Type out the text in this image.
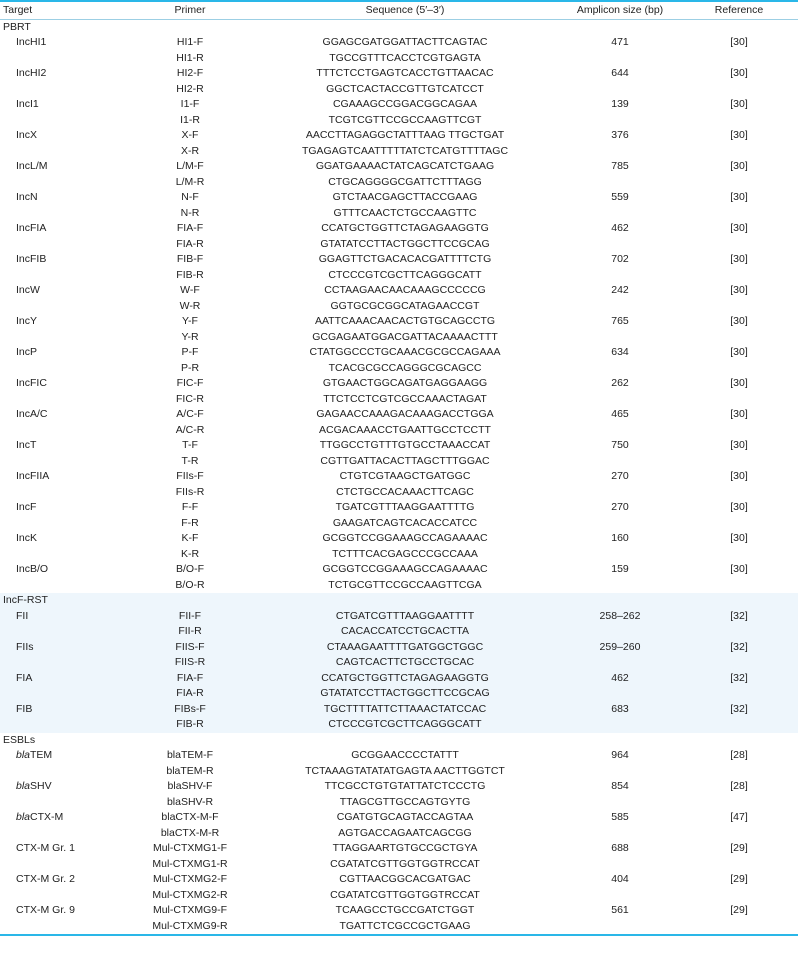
Target	Primer	Sequence (5′–3′)	Amplicon size (bp)	Reference
PBRT				
IncHI1	HI1-F	GGAGCGATGGATTACTTCAGTAC	471	[30]
	HI1-R	TGCCGTTTCACCTCGTGAGTA		
IncHI2	HI2-F	TTTCTCCTGAGTCACCTGTTAACAC	644	[30]
	HI2-R	GGCTCACTACCGTTGTCATCCT		
IncI1	I1-F	CGAAAGCCGGACGGCAGAA	139	[30]
	I1-R	TCGTCGTTCCGCCAAGTTCGT		
IncX	X-F	AACCTTAGAGGCTATTTAAG TTGCTGAT	376	[30]
	X-R	TGAGAGTCAATTTTTATCTCATGTTTTAGC		
IncL/M	L/M-F	GGATGAAAACTATCAGCATCTGAAG	785	[30]
	L/M-R	CTGCAGGGGCGATTCTTTAGG		
IncN	N-F	GTCTAACGAGCTTACCGAAG	559	[30]
	N-R	GTTTCAACTCTGCCAAGTTC		
IncFIA	FIA-F	CCATGCTGGTTCTAGAGAAGGTG	462	[30]
	FIA-R	GTATATCCTTACTGGCTTCCGCAG		
IncFIB	FIB-F	GGAGTTCTGACACACGATTTTCTG	702	[30]
	FIB-R	CTCCCGTCGCTTCAGGGCATT		
IncW	W-F	CCTAAGAACAACAAAGCCCCCG	242	[30]
	W-R	GGTGCGCGGCATAGAACCGT		
IncY	Y-F	AATTCAAACAACACTGTGCAGCCTG	765	[30]
	Y-R	GCGAGAATGGACGATTACAAAACTTT		
IncP	P-F	CTATGGCCCTGCAAACGCGCCAGAAA	634	[30]
	P-R	TCACGCGCCAGGGCGCAGCC		
IncFIC	FIC-F	GTGAACTGGCAGATGAGGAAGG	262	[30]
	FIC-R	TTCTCCTCGTCGCCAAACTAGAT		
IncA/C	A/C-F	GAGAACCAAAGACAAAGACCTGGA	465	[30]
	A/C-R	ACGACAAACCTGAATTGCCTCCTT		
IncT	T-F	TTGGCCTGTTTGTGCCTAAACCAT	750	[30]
	T-R	CGTTGATTACACTTAGCTTTGGAC		
IncFIIA	FIIs-F	CTGTCGTAAGCTGATGGC	270	[30]
	FIIs-R	CTCTGCCACAAACTTCAGC		
IncF	F-F	TGATCGTTTAAGGAATTTTG	270	[30]
	F-R	GAAGATCAGTCACACCATCC		
IncK	K-F	GCGGTCCGGAAAGCCAGAAAAC	160	[30]
	K-R	TCTTTCACGAGCCCGCCAAA		
IncB/O	B/O-F	GCGGTCCGGAAAGCCAGAAAAC	159	[30]
	B/O-R	TCTGCGTTCCGCCAAGTTCGA		
IncF-RST				
FII	FII-F	CTGATCGTTTAAGGAATTTT	258–262	[32]
	FII-R	CACACCATCCTGCACTTA		
FIIs	FIIS-F	CTAAAGAATTTTGATGGCTGGC	259–260	[32]
	FIIS-R	CAGTCACTTCTGCCTGCAC		
FIA	FIA-F	CCATGCTGGTTCTAGAGAAGGTG	462	[32]
	FIA-R	GTATATCCTTACTGGCTTCCGCAG		
FIB	FIBs-F	TGCTTTTATTCTTAAACTATCCAC	683	[32]
	FIB-R	CTCCCGTCGCTTCAGGGCATT		
ESBLs				
blaTEM	blaTEM-F	GCGGAACCCCTATTT	964	[28]
	blaTEM-R	TCTAAAGTATATATGAGTA AACTTGGTCT		
blaSHV	blaSHV-F	TTCGCCTGTGTATTATCTCCCTG	854	[28]
	blaSHV-R	TTAGCGTTGCCAGTGYTG		
blaCTX-M	blaCTX-M-F	CGATGTGCAGTACCAGTAA	585	[47]
	blaCTX-M-R	AGTGACCAGAATCAGCGG		
CTX-M Gr. 1	Mul-CTXMG1-F	TTAGGAARTGTGCCGCTGYA	688	[29]
	Mul-CTXMG1-R	CGATATCGTTGGTGGTRCCAT		
CTX-M Gr. 2	Mul-CTXMG2-F	CGTTAACGGCACGATGAC	404	[29]
	Mul-CTXMG2-R	CGATATCGTTGGTGGTRCCAT		
CTX-M Gr. 9	Mul-CTXMG9-F	TCAAGCCTGCCGATCTGGT	561	[29]
	Mul-CTXMG9-R	TGATTCTCGCCGCTGAAG		
